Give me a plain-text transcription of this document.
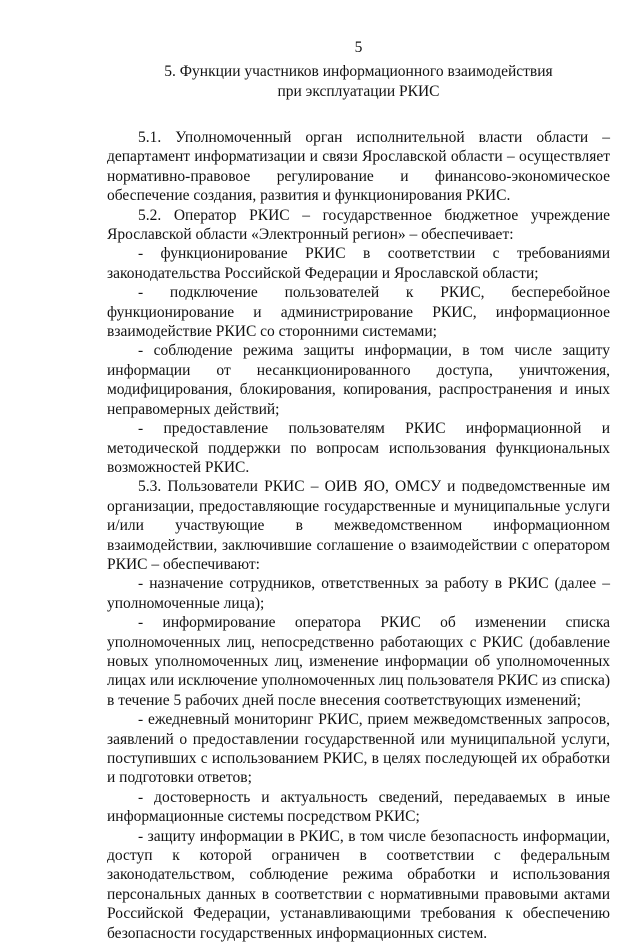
5
5. Функции участников информационного взаимодействия
при эксплуатации РКИС

5.1. Уполномоченный орган исполнительной власти области – департамент информатизации и связи Ярославской области – осуществляет нормативно-правовое регулирование и финансово-экономическое обеспечение создания, развития и функционирования РКИС.

5.2. Оператор РКИС – государственное бюджетное учреждение Ярославской области «Электронный регион» – обеспечивает:

- функционирование РКИС в соответствии с требованиями законодательства Российской Федерации и Ярославской области;

- подключение пользователей к РКИС, бесперебойное функционирование и администрирование РКИС, информационное взаимодействие РКИС со сторонними системами;

- соблюдение режима защиты информации, в том числе защиту информации от несанкционированного доступа, уничтожения, модифицирования, блокирования, копирования, распространения и иных неправомерных действий;

- предоставление пользователям РКИС информационной и методической поддержки по вопросам использования функциональных возможностей РКИС.

5.3. Пользователи РКИС – ОИВ ЯО, ОМСУ и подведомственные им организации, предоставляющие государственные и муниципальные услуги и/или участвующие в межведомственном информационном взаимодействии, заключившие соглашение о взаимодействии с оператором РКИС – обеспечивают:

- назначение сотрудников, ответственных за работу в РКИС (далее – уполномоченные лица);

- информирование оператора РКИС об изменении списка уполномоченных лиц, непосредственно работающих с РКИС (добавление новых уполномоченных лиц, изменение информации об уполномоченных лицах или исключение уполномоченных лиц пользователя РКИС из списка) в течение 5 рабочих дней после внесения соответствующих изменений;

- ежедневный мониторинг РКИС, прием межведомственных запросов, заявлений о предоставлении государственной или муниципальной услуги, поступивших с использованием РКИС, в целях последующей их обработки и подготовки ответов;

- достоверность и актуальность сведений, передаваемых в иные информационные системы посредством РКИС;

- защиту информации в РКИС, в том числе безопасность информации, доступ к которой ограничен в соответствии с федеральным законодательством, соблюдение режима обработки и использования персональных данных в соответствии с нормативными правовыми актами Российской Федерации, устанавливающими требования к обеспечению безопасности государственных информационных систем.
